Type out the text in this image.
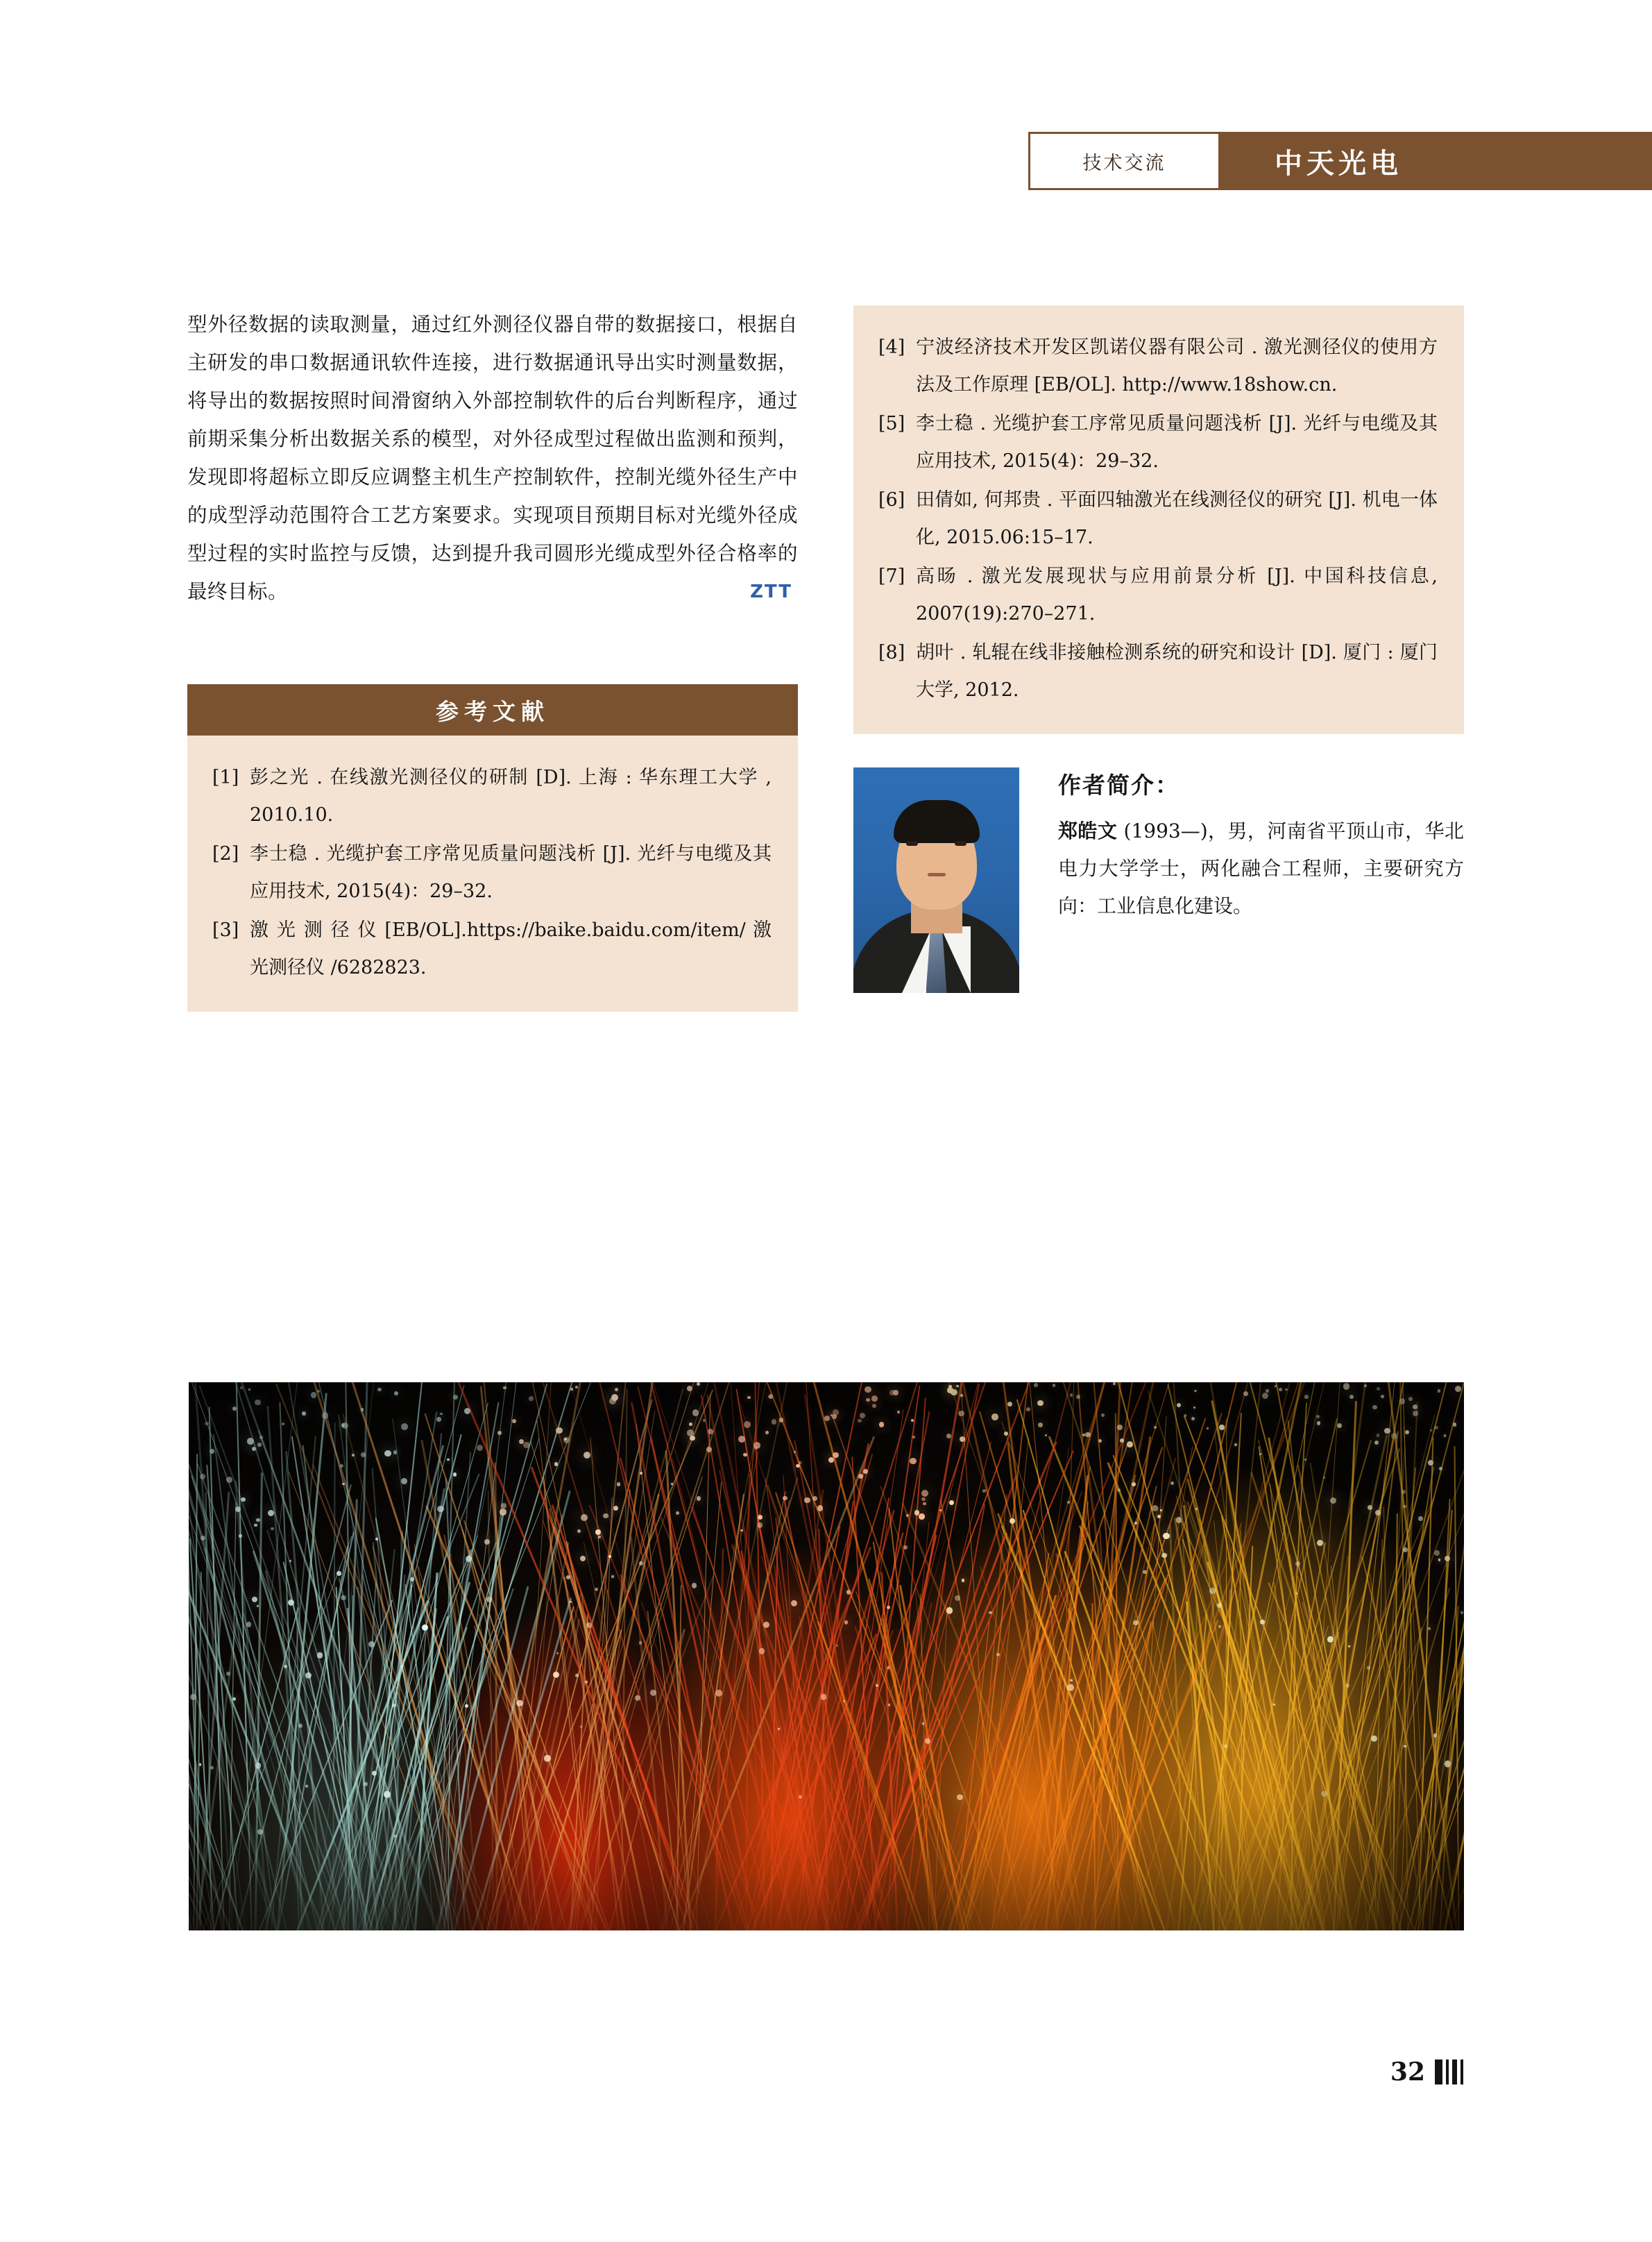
技术交流	中天光电

型外径数据的读取测量，通过红外测径仪器自带的数据接口，根据自主研发的串口数据通讯软件连接，进行数据通讯导出实时测量数据，将导出的数据按照时间滑窗纳入外部控制软件的后台判断程序，通过前期采集分析出数据关系的模型，对外径成型过程做出监测和预判，发现即将超标立即反应调整主机生产控制软件，控制光缆外径生产中的成型浮动范围符合工艺方案要求。实现项目预期目标对光缆外径成型过程的实时监控与反馈，达到提升我司圆形光缆成型外径合格率的最终目标。	ZTT
参考文献
[1] 彭之光 . 在线激光测径仪的研制 [D]. 上海 : 华东理工大学 , 2010.10.
[2] 李士稳 . 光缆护套工序常见质量问题浅析 [J]. 光纤与电缆及其应用技术, 2015(4)：29–32.
[3] 激 光 测 径 仪 [EB/OL].https://baike.baidu.com/item/ 激光测径仪 /6282823.
[4] 宁波经济技术开发区凯诺仪器有限公司 . 激光测径仪的使用方法及工作原理 [EB/OL]. http://www.18show.cn.
[5] 李士稳 . 光缆护套工序常见质量问题浅析 [J]. 光纤与电缆及其应用技术, 2015(4)：29–32.
[6] 田倩如, 何邦贵 . 平面四轴激光在线测径仪的研究 [J]. 机电一体化, 2015.06:15–17.
[7] 高旸 . 激光发展现状与应用前景分析 [J]. 中国科技信息, 2007(19):270–271.
[8] 胡叶 . 轧辊在线非接触检测系统的研究和设计 [D]. 厦门 : 厦门大学, 2012.
作者简介：
郑皓文 (1993—)，男，河南省平顶山市，华北电力大学学士，两化融合工程师，主要研究方向：工业信息化建设。
32
